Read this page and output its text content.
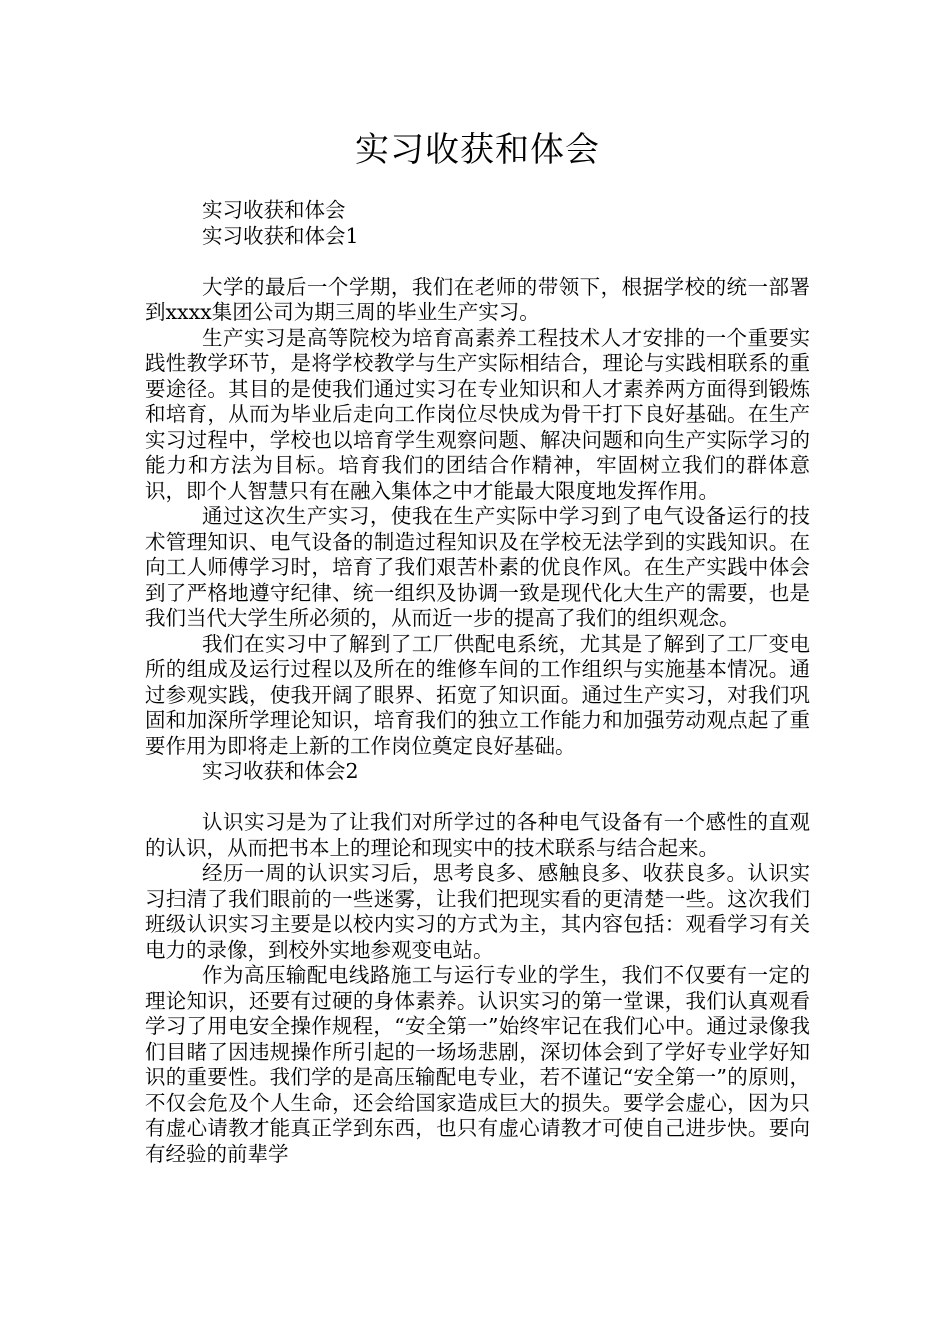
实习收获和体会

实习收获和体会

实习收获和体会1

大学的最后一个学期，我们在老师的带领下，根据学校的统一部署到xxxx集团公司为期三周的毕业生产实习。

生产实习是高等院校为培育高素养工程技术人才安排的一个重要实践性教学环节，是将学校教学与生产实际相结合，理论与实践相联系的重要途径。其目的是使我们通过实习在专业知识和人才素养两方面得到锻炼和培育，从而为毕业后走向工作岗位尽快成为骨干打下良好基础。在生产实习过程中，学校也以培育学生观察问题、解决问题和向生产实际学习的能力和方法为目标。培育我们的团结合作精神，牢固树立我们的群体意识，即个人智慧只有在融入集体之中才能最大限度地发挥作用。

通过这次生产实习，使我在生产实际中学习到了电气设备运行的技术管理知识、电气设备的制造过程知识及在学校无法学到的实践知识。在向工人师傅学习时，培育了我们艰苦朴素的优良作风。在生产实践中体会到了严格地遵守纪律、统一组织及协调一致是现代化大生产的需要，也是我们当代大学生所必须的，从而近一步的提高了我们的组织观念。

我们在实习中了解到了工厂供配电系统，尤其是了解到了工厂变电所的组成及运行过程以及所在的维修车间的工作组织与实施基本情况。通过参观实践，使我开阔了眼界、拓宽了知识面。通过生产实习，对我们巩固和加深所学理论知识，培育我们的独立工作能力和加强劳动观点起了重要作用为即将走上新的工作岗位奠定良好基础。

实习收获和体会2

认识实习是为了让我们对所学过的各种电气设备有一个感性的直观的认识，从而把书本上的理论和现实中的技术联系与结合起来。

经历一周的认识实习后，思考良多、感触良多、收获良多。认识实习扫清了我们眼前的一些迷雾，让我们把现实看的更清楚一些。这次我们班级认识实习主要是以校内实习的方式为主，其内容包括：观看学习有关电力的录像，到校外实地参观变电站。

作为高压输配电线路施工与运行专业的学生，我们不仅要有一定的理论知识，还要有过硬的身体素养。认识实习的第一堂课，我们认真观看学习了用电安全操作规程，“安全第一”始终牢记在我们心中。通过录像我们目睹了因违规操作所引起的一场场悲剧，深切体会到了学好专业学好知识的重要性。我们学的是高压输配电专业，若不谨记“安全第一”的原则，不仅会危及个人生命，还会给国家造成巨大的损失。要学会虚心，因为只有虚心请教才能真正学到东西，也只有虚心请教才可使自己进步快。要向有经验的前辈学
